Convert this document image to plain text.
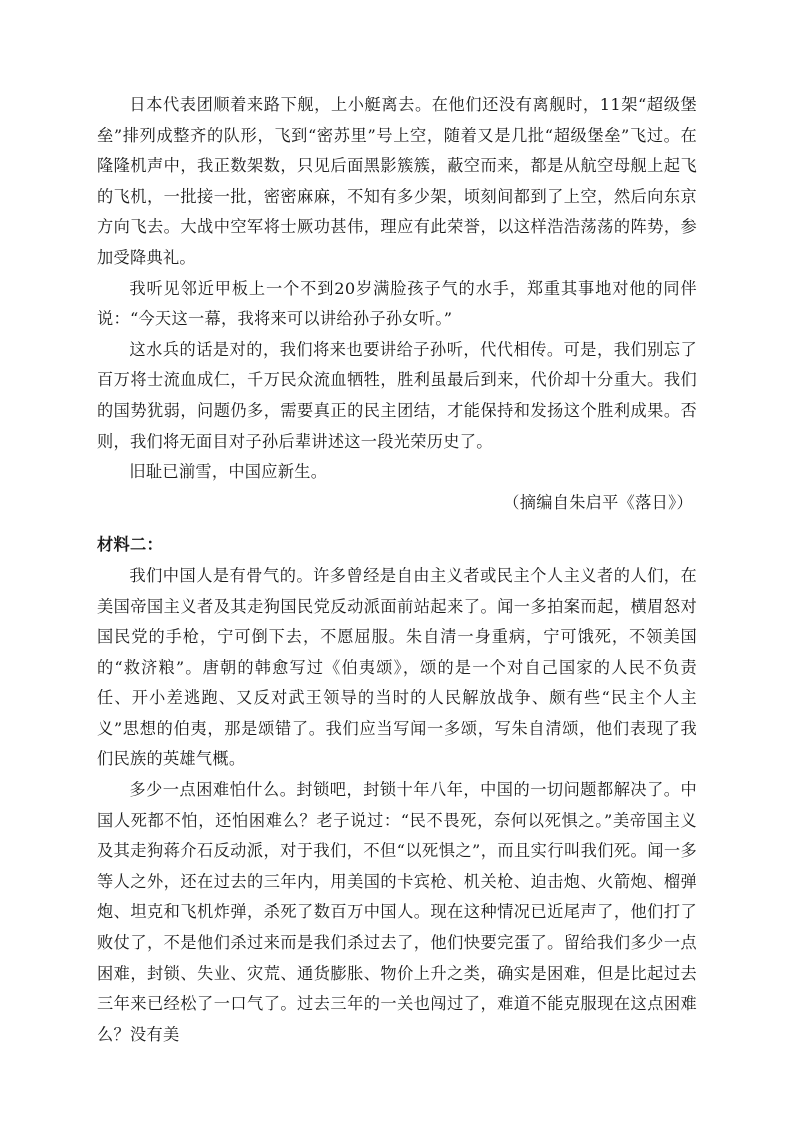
日本代表团顺着来路下舰，上小艇离去。在他们还没有离舰时，11架“超级堡垒”排列成整齐的队形，飞到“密苏里”号上空，随着又是几批“超级堡垒”飞过。在隆隆机声中，我正数架数，只见后面黑影簇簇，蔽空而来，都是从航空母舰上起飞的飞机，一批接一批，密密麻麻，不知有多少架，顷刻间都到了上空，然后向东京方向飞去。大战中空军将士厥功甚伟，理应有此荣誉，以这样浩浩荡荡的阵势，参加受降典礼。

我听见邻近甲板上一个不到20岁满脸孩子气的水手，郑重其事地对他的同伴说：“今天这一幕，我将来可以讲给孙子孙女听。”

这水兵的话是对的，我们将来也要讲给子孙听，代代相传。可是，我们别忘了百万将士流血成仁，千万民众流血牺牲，胜利虽最后到来，代价却十分重大。我们的国势犹弱，问题仍多，需要真正的民主团结，才能保持和发扬这个胜利成果。否则，我们将无面目对子孙后辈讲述这一段光荣历史了。

旧耻已湔雪，中国应新生。

（摘编自朱启平《落日》）

材料二：

我们中国人是有骨气的。许多曾经是自由主义者或民主个人主义者的人们，在美国帝国主义者及其走狗国民党反动派面前站起来了。闻一多拍案而起，横眉怒对国民党的手枪，宁可倒下去，不愿屈服。朱自清一身重病，宁可饿死，不领美国的“救济粮”。唐朝的韩愈写过《伯夷颂》，颂的是一个对自己国家的人民不负责任、开小差逃跑、又反对武王领导的当时的人民解放战争、颇有些“民主个人主义”思想的伯夷，那是颂错了。我们应当写闻一多颂，写朱自清颂，他们表现了我们民族的英雄气概。

多少一点困难怕什么。封锁吧，封锁十年八年，中国的一切问题都解决了。中国人死都不怕，还怕困难么？老子说过：“民不畏死，奈何以死惧之。”美帝国主义及其走狗蒋介石反动派，对于我们，不但“以死惧之”，而且实行叫我们死。闻一多等人之外，还在过去的三年内，用美国的卡宾枪、机关枪、迫击炮、火箭炮、榴弹炮、坦克和飞机炸弹，杀死了数百万中国人。现在这种情况已近尾声了，他们打了败仗了，不是他们杀过来而是我们杀过去了，他们快要完蛋了。留给我们多少一点困难，封锁、失业、灾荒、通货膨胀、物价上升之类，确实是困难，但是比起过去三年来已经松了一口气了。过去三年的一关也闯过了，难道不能克服现在这点困难么？没有美
